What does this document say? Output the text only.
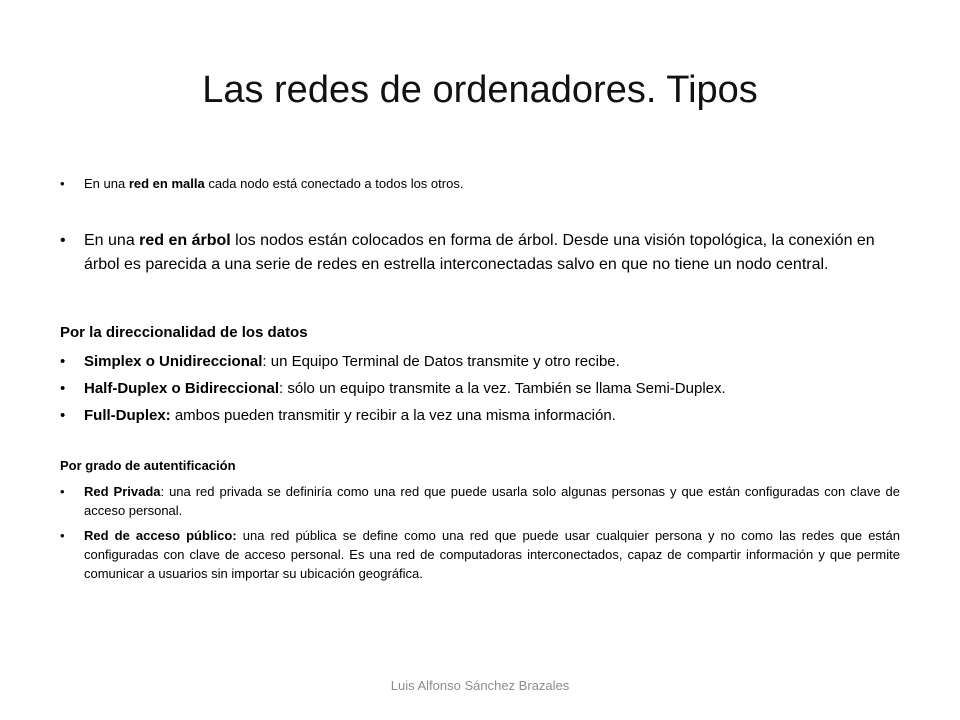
Las redes de ordenadores. Tipos
• En una red en malla cada nodo está conectado a todos los otros.
• En una red en árbol los nodos están colocados en forma de árbol. Desde una visión topológica, la conexión en árbol es parecida a una serie de redes en estrella interconectadas salvo en que no tiene un nodo central.
Por la direccionalidad de los datos
• Simplex o Unidireccional: un Equipo Terminal de Datos transmite y otro recibe.
• Half-Duplex o Bidireccional: sólo un equipo transmite a la vez. También se llama Semi-Duplex.
• Full-Duplex: ambos pueden transmitir y recibir a la vez una misma información.
Por grado de autentificación
• Red Privada: una red privada se definiría como una red que puede usarla solo algunas personas y que están configuradas con clave de acceso personal.
• Red de acceso público: una red pública se define como una red que puede usar cualquier persona y no como las redes que están configuradas con clave de acceso personal. Es una red de computadoras interconectados, capaz de compartir información y que permite comunicar a usuarios sin importar su ubicación geográfica.
Luis Alfonso Sánchez Brazales
